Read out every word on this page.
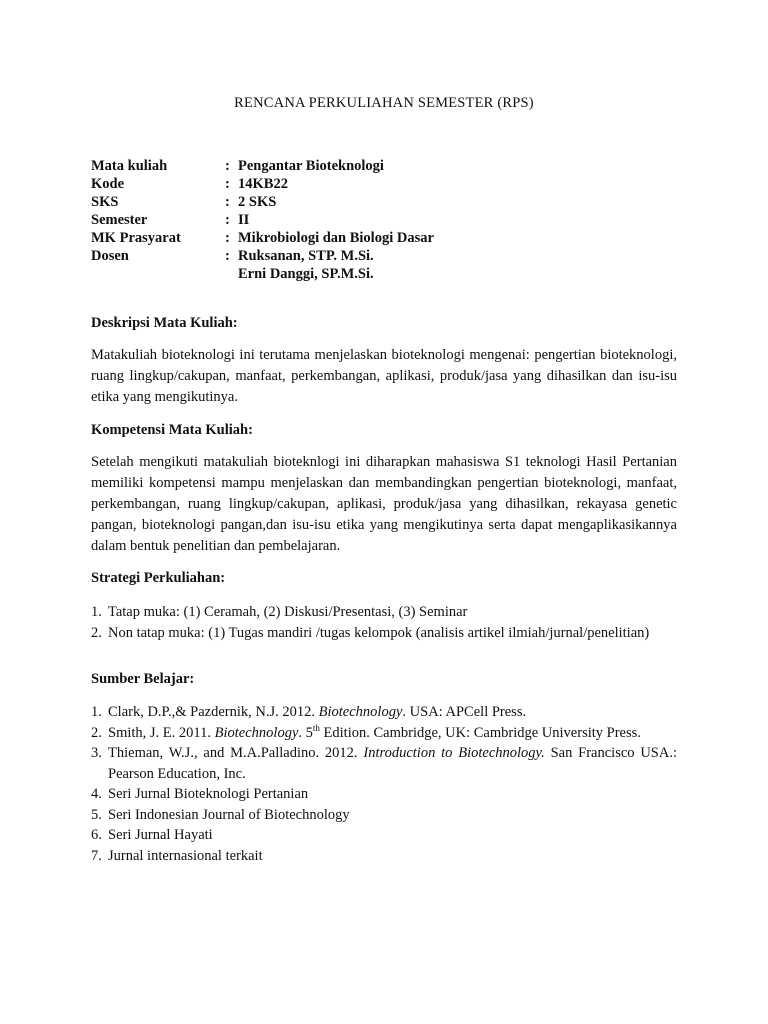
RENCANA PERKULIAHAN SEMESTER (RPS)
Mata kuliah	: Pengantar Bioteknologi
Kode	: 14KB22
SKS	: 2 SKS
Semester	: II
MK Prasyarat	: Mikrobiologi dan Biologi Dasar
Dosen	: Ruksanan, STP. M.Si.
Erni Danggi, SP.M.Si.
Deskripsi Mata Kuliah:
Matakuliah bioteknologi ini terutama menjelaskan bioteknologi mengenai: pengertian bioteknologi, ruang lingkup/cakupan, manfaat, perkembangan, aplikasi, produk/jasa yang dihasilkan dan isu-isu etika yang mengikutinya.
Kompetensi Mata Kuliah:
Setelah mengikuti matakuliah bioteknlogi ini diharapkan mahasiswa S1 teknologi Hasil Pertanian memiliki kompetensi mampu menjelaskan dan membandingkan pengertian bioteknologi, manfaat, perkembangan, ruang lingkup/cakupan, aplikasi, produk/jasa yang dihasilkan, rekayasa genetic pangan, bioteknologi pangan,dan isu-isu etika yang mengikutinya serta dapat mengaplikasikannya dalam bentuk penelitian dan pembelajaran.
Strategi Perkuliahan:
1. Tatap muka: (1) Ceramah, (2) Diskusi/Presentasi, (3) Seminar
2. Non tatap muka: (1) Tugas mandiri /tugas kelompok (analisis artikel ilmiah/jurnal/penelitian)
Sumber Belajar:
1. Clark, D.P.,& Pazdernik, N.J. 2012. Biotechnology. USA: APCell Press.
2. Smith, J. E. 2011. Biotechnology. 5th Edition. Cambridge, UK: Cambridge University Press.
3. Thieman, W.J., and M.A.Palladino. 2012. Introduction to Biotechnology. San Francisco USA.: Pearson Education, Inc.
4. Seri Jurnal Bioteknologi Pertanian
5. Seri Indonesian Journal of Biotechnology
6. Seri Jurnal Hayati
7. Jurnal internasional terkait
